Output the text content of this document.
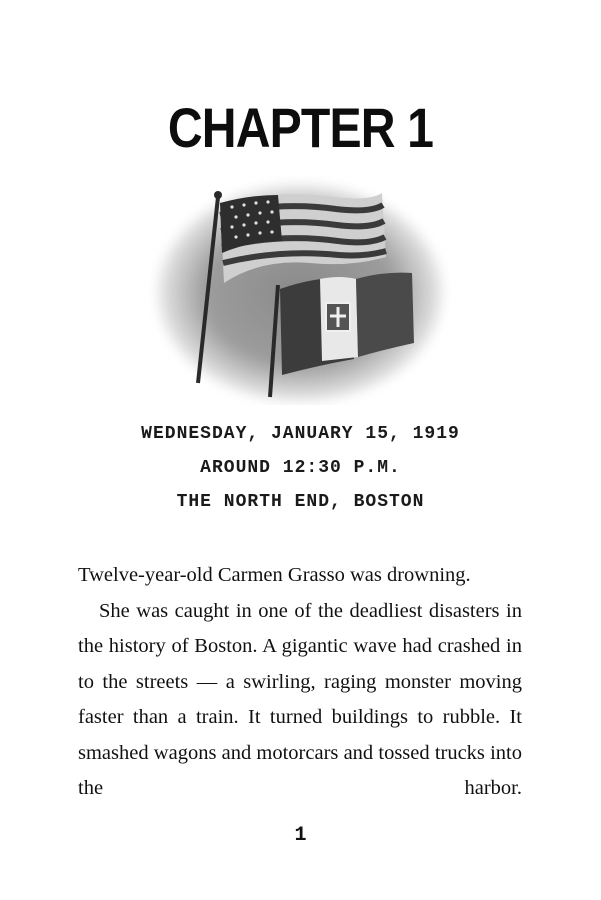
CHAPTER 1
WEDNESDAY, JANUARY 15, 1919
AROUND 12:30 P.M.
THE NORTH END, BOSTON

Twelve-year-old Carmen Grasso was drowning.

She was caught in one of the deadliest disasters in the history of Boston. A gigantic wave had crashed in to the streets — a swirling, raging monster moving faster than a train. It turned buildings to rubble. It smashed wagons and motorcars and tossed trucks into the harbor.

1
